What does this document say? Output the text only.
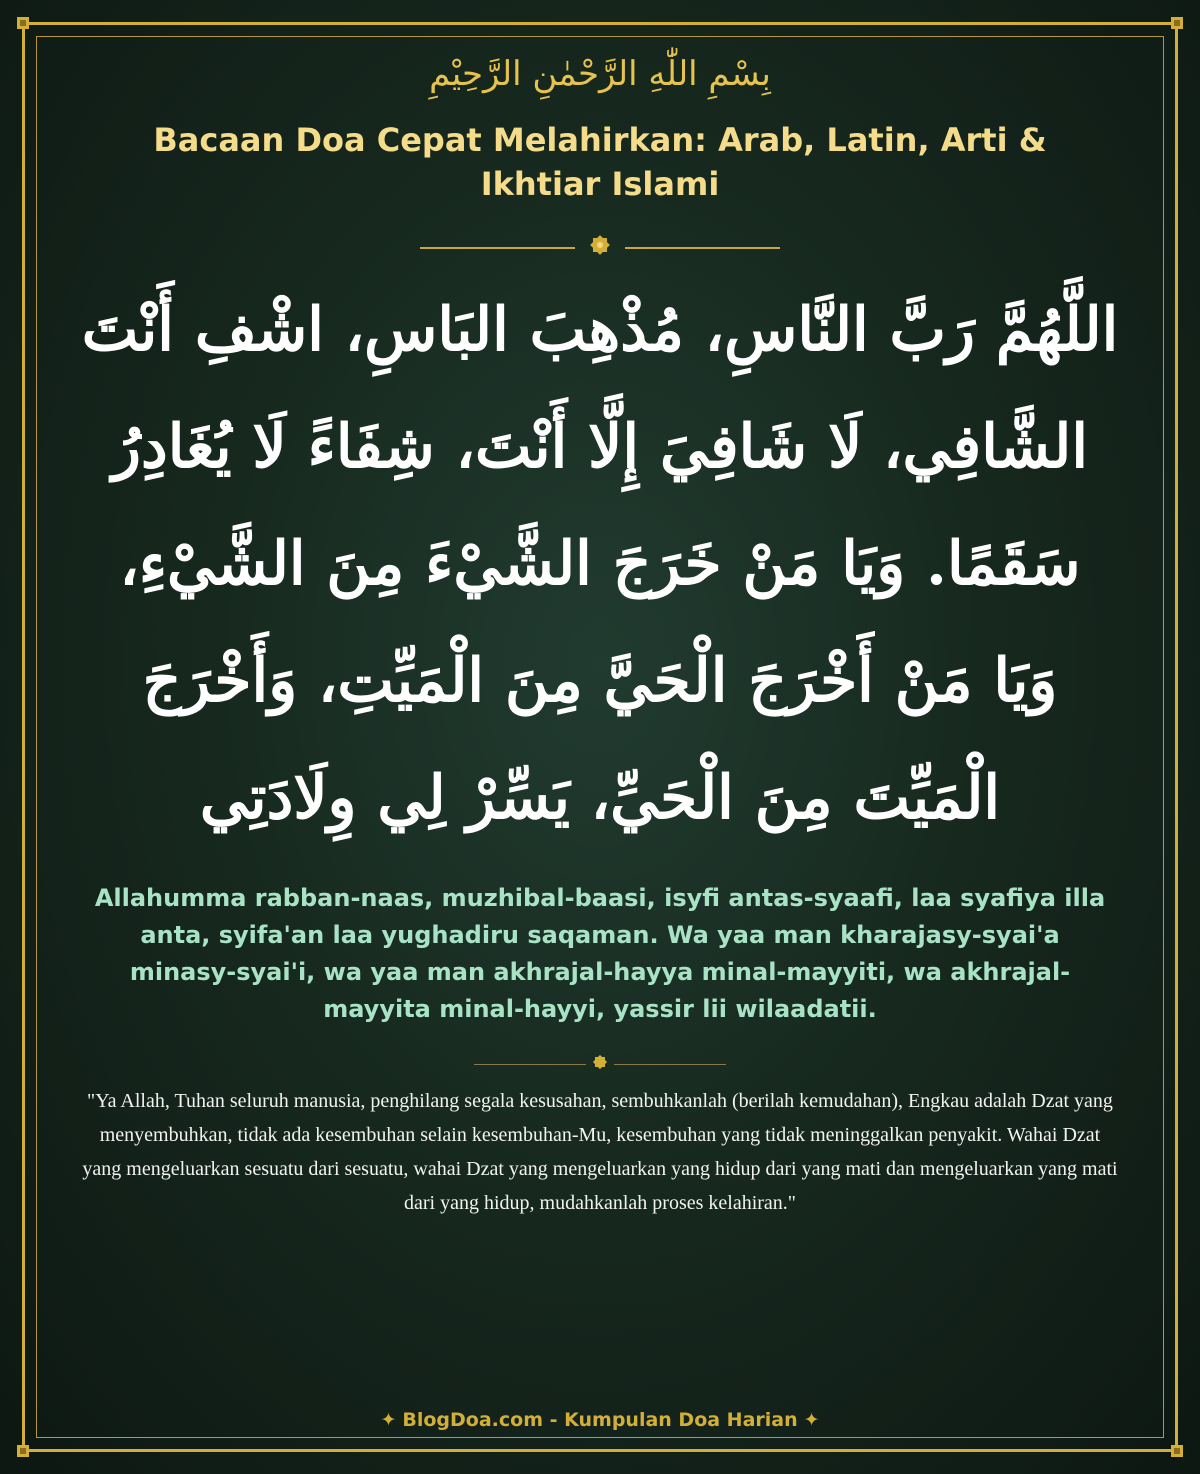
بِسْمِ اللّٰهِ الرَّحْمٰنِ الرَّحِيْمِ
Bacaan Doa Cepat Melahirkan: Arab, Latin, Arti & Ikhtiar Islami
اللَّهُمَّ رَبَّ النَّاسِ، مُذْهِبَ البَاسِ، اشْفِ أَنْتَ الشَّافِي، لَا شَافِيَ إِلَّا أَنْتَ، شِفَاءً لَا يُغَادِرُ سَقَمًا. وَيَا مَنْ خَرَجَ الشَّيْءَ مِنَ الشَّيْءِ، وَيَا مَنْ أَخْرَجَ الْحَيَّ مِنَ الْمَيِّتِ، وَأَخْرَجَ الْمَيِّتَ مِنَ الْحَيِّ، يَسِّرْ لِي وِلَادَتِي
Allahumma rabban-naas, muzhibal-baasi, isyfi antas-syaafi, laa syafiya illa anta, syifa'an laa yughadiru saqaman. Wa yaa man kharajasy-syai'a minasy-syai'i, wa yaa man akhrajal-hayya minal-mayyiti, wa akhrajal-mayyita minal-hayyi, yassir lii wilaadatii.
"Ya Allah, Tuhan seluruh manusia, penghilang segala kesusahan, sembuhkanlah (berilah kemudahan), Engkau adalah Dzat yang menyembuhkan, tidak ada kesembuhan selain kesembuhan-Mu, kesembuhan yang tidak meninggalkan penyakit. Wahai Dzat yang mengeluarkan sesuatu dari sesuatu, wahai Dzat yang mengeluarkan yang hidup dari yang mati dan mengeluarkan yang mati dari yang hidup, mudahkanlah proses kelahiran."
✦ BlogDoa.com - Kumpulan Doa Harian ✦
